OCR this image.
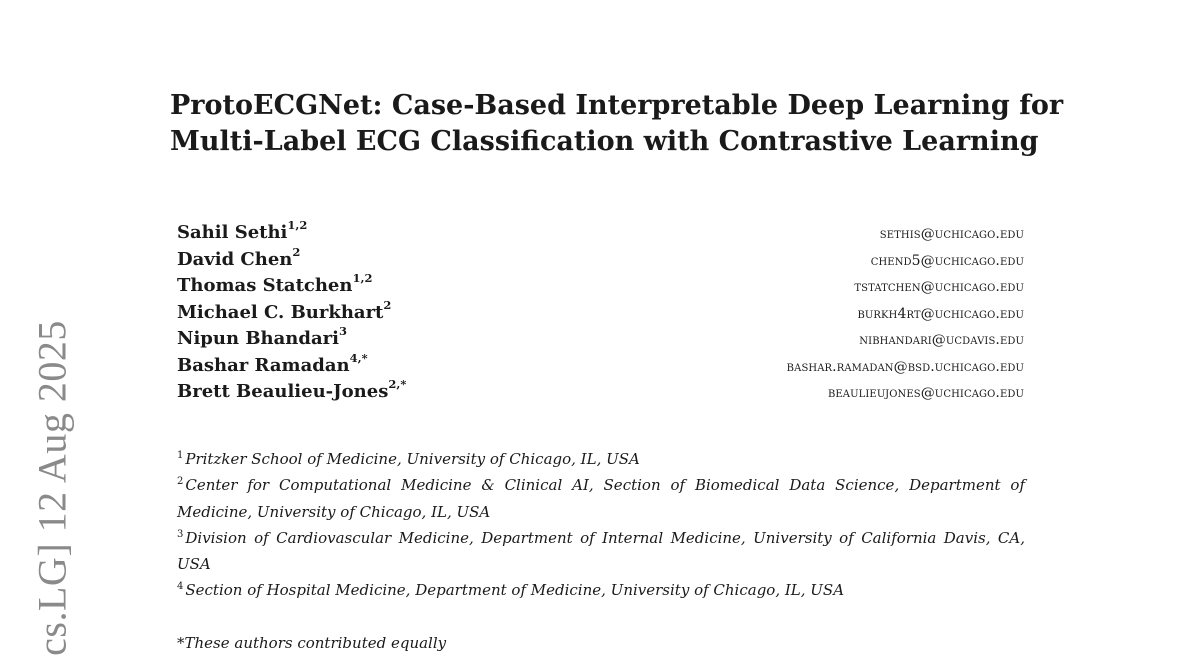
cs.LG] 12 Aug 2025
ProtoECGNet: Case-Based Interpretable Deep Learning for
Multi-Label ECG Classification with Contrastive Learning
Sahil Sethi$^{1,2}$
sethis@uchicago.edu
David Chen$^2$
chend5@uchicago.edu
Thomas Statchen$^{1,2}$
tstatchen@uchicago.edu
Michael C. Burkhart$^2$
burkh4rt@uchicago.edu
Nipun Bhandari$^3$
nibhandari@ucdavis.edu
Bashar Ramadan$^{4,*}$
bashar.ramadan@bsd.uchicago.edu
Brett Beaulieu-Jones$^{2,*}$
beaulieujones@uchicago.edu
$^1$ Pritzker School of Medicine, University of Chicago, IL, USA
$^2$ Center for Computational Medicine & Clinical AI, Section of Biomedical Data Science, Department of Medicine, University of Chicago, IL, USA
$^3$ Division of Cardiovascular Medicine, Department of Internal Medicine, University of California Davis, CA, USA
$^4$ Section of Hospital Medicine, Department of Medicine, University of Chicago, IL, USA
*These authors contributed equally
